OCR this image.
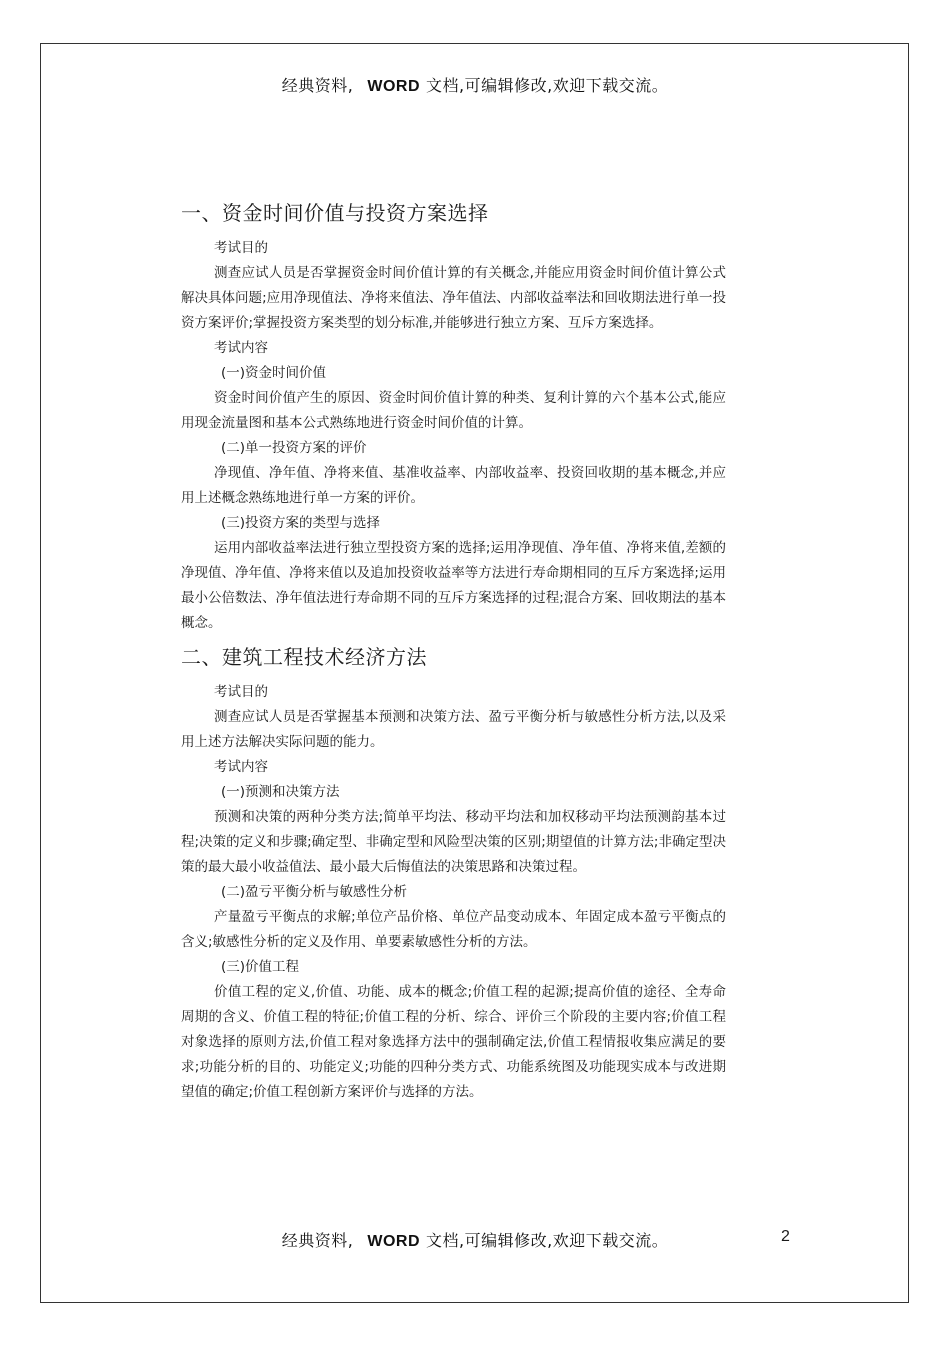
经典资料, WORD 文档,可编辑修改,欢迎下载交流。
一、资金时间价值与投资方案选择

考试目的

测查应试人员是否掌握资金时间价值计算的有关概念,并能应用资金时间价值计算公式解决具体问题;应用净现值法、净将来值法、净年值法、内部收益率法和回收期法进行单一投资方案评价;掌握投资方案类型的划分标准,并能够进行独立方案、互斥方案选择。

考试内容

(一)资金时间价值

资金时间价值产生的原因、资金时间价值计算的种类、复利计算的六个基本公式,能应用现金流量图和基本公式熟练地进行资金时间价值的计算。

(二)单一投资方案的评价

净现值、净年值、净将来值、基准收益率、内部收益率、投资回收期的基本概念,并应用上述概念熟练地进行单一方案的评价。

(三)投资方案的类型与选择

运用内部收益率法进行独立型投资方案的选择;运用净现值、净年值、净将来值,差额的净现值、净年值、净将来值以及追加投资收益率等方法进行寿命期相同的互斥方案选择;运用最小公倍数法、净年值法进行寿命期不同的互斥方案选择的过程;混合方案、回收期法的基本概念。

二、建筑工程技术经济方法

考试目的

测查应试人员是否掌握基本预测和决策方法、盈亏平衡分析与敏感性分析方法,以及采用上述方法解决实际问题的能力。

考试内容

(一)预测和决策方法

预测和决策的两种分类方法;简单平均法、移动平均法和加权移动平均法预测韵基本过程;决策的定义和步骤;确定型、非确定型和风险型决策的区别;期望值的计算方法;非确定型决策的最大最小收益值法、最小最大后悔值法的决策思路和决策过程。

(二)盈亏平衡分析与敏感性分析

产量盈亏平衡点的求解;单位产品价格、单位产品变动成本、年固定成本盈亏平衡点的含义;敏感性分析的定义及作用、单要素敏感性分析的方法。

(三)价值工程

价值工程的定义,价值、功能、成本的概念;价值工程的起源;提高价值的途径、全寿命周期的含义、价值工程的特征;价值工程的分析、综合、评价三个阶段的主要内容;价值工程对象选择的原则方法,价值工程对象选择方法中的强制确定法,价值工程情报收集应满足的要求;功能分析的目的、功能定义;功能的四种分类方式、功能系统图及功能现实成本与改进期望值的确定;价值工程创新方案评价与选择的方法。

经典资料, WORD 文档,可编辑修改,欢迎下载交流。	2
